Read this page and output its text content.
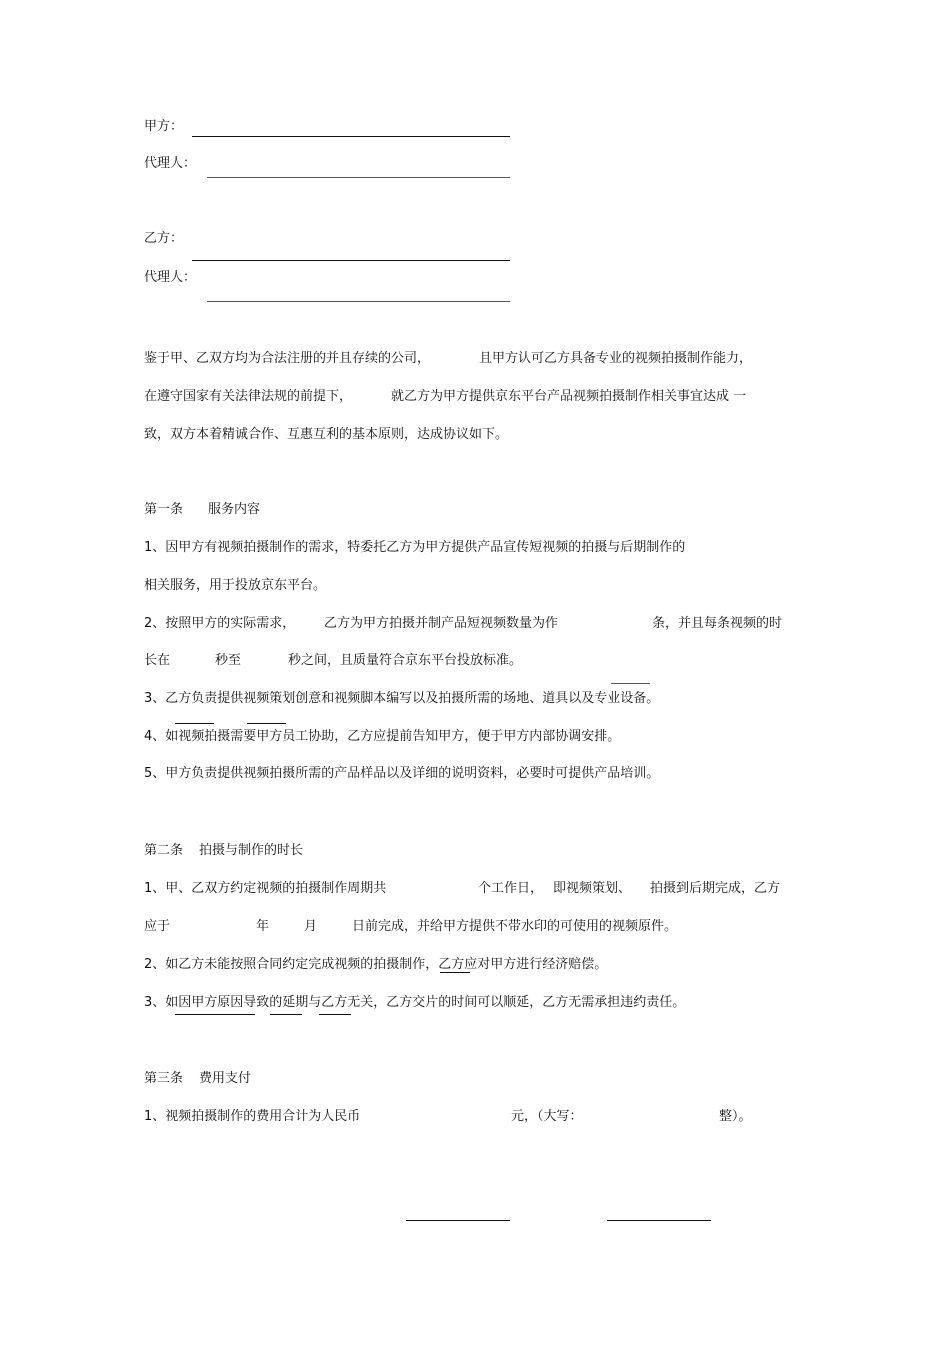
甲方：
代理人：
乙方：
代理人：
鉴于甲、乙双方均为合法注册的并且存续的公司，	且甲方认可乙方具备专业的视频拍摄制作能力，
在遵守国家有关法律法规的前提下，	就乙方为甲方提供京东平台产品视频拍摄制作相关事宜达成 一
致，双方本着精诚合作、互惠互利的基本原则，达成协议如下。
第一条 服务内容
1、因甲方有视频拍摄制作的需求，特委托乙方为甲方提供产品宣传短视频的拍摄与后期制作的
相关服务，用于投放京东平台。
2、按照甲方的实际需求， 乙方为甲方拍摄并制产品短视频数量为作	条，并且每条视频的时
长在	秒至	秒之间，且质量符合京东平台投放标准。
3、乙方负责提供视频策划创意和视频脚本编写以及拍摄所需的场地、道具以及专业设备。
4、如视频拍摄需要甲方员工协助，乙方应提前告知甲方，便于甲方内部协调安排。
5、甲方负责提供视频拍摄所需的产品样品以及详细的说明资料，必要时可提供产品培训。
第二条 拍摄与制作的时长
1、甲、乙双方约定视频的拍摄制作周期共	个工作日， 即视频策划、 拍摄到后期完成，乙方
应于	年	月	日前完成，并给甲方提供不带水印的可使用的视频原件。
2、如乙方未能按照合同约定完成视频的拍摄制作，乙方应对甲方进行经济赔偿。
3、如因甲方原因导致的延期与乙方无关，乙方交片的时间可以顺延，乙方无需承担违约责任。
第三条 费用支付
1、视频拍摄制作的费用合计为人民币	元，（大写：	整）。
